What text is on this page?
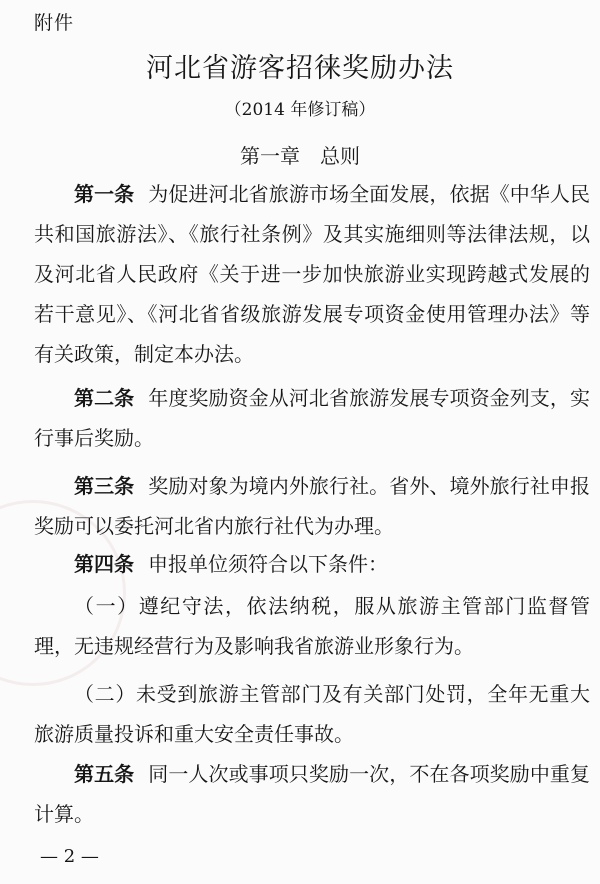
附件
河北省游客招徕奖励办法
（2014 年修订稿）
第一章　总则
第一条 为促进河北省旅游市场全面发展，依据《中华人民共和国旅游法》、《旅行社条例》及其实施细则等法律法规，以及河北省人民政府《关于进一步加快旅游业实现跨越式发展的若干意见》、《河北省省级旅游发展专项资金使用管理办法》等有关政策，制定本办法。
第二条 年度奖励资金从河北省旅游发展专项资金列支，实行事后奖励。
第三条 奖励对象为境内外旅行社。省外、境外旅行社申报奖励可以委托河北省内旅行社代为办理。
第四条 申报单位须符合以下条件：
（一）遵纪守法，依法纳税，服从旅游主管部门监督管理，无违规经营行为及影响我省旅游业形象行为。
（二）未受到旅游主管部门及有关部门处罚，全年无重大旅游质量投诉和重大安全责任事故。
第五条 同一人次或事项只奖励一次，不在各项奖励中重复计算。
— 2 —
